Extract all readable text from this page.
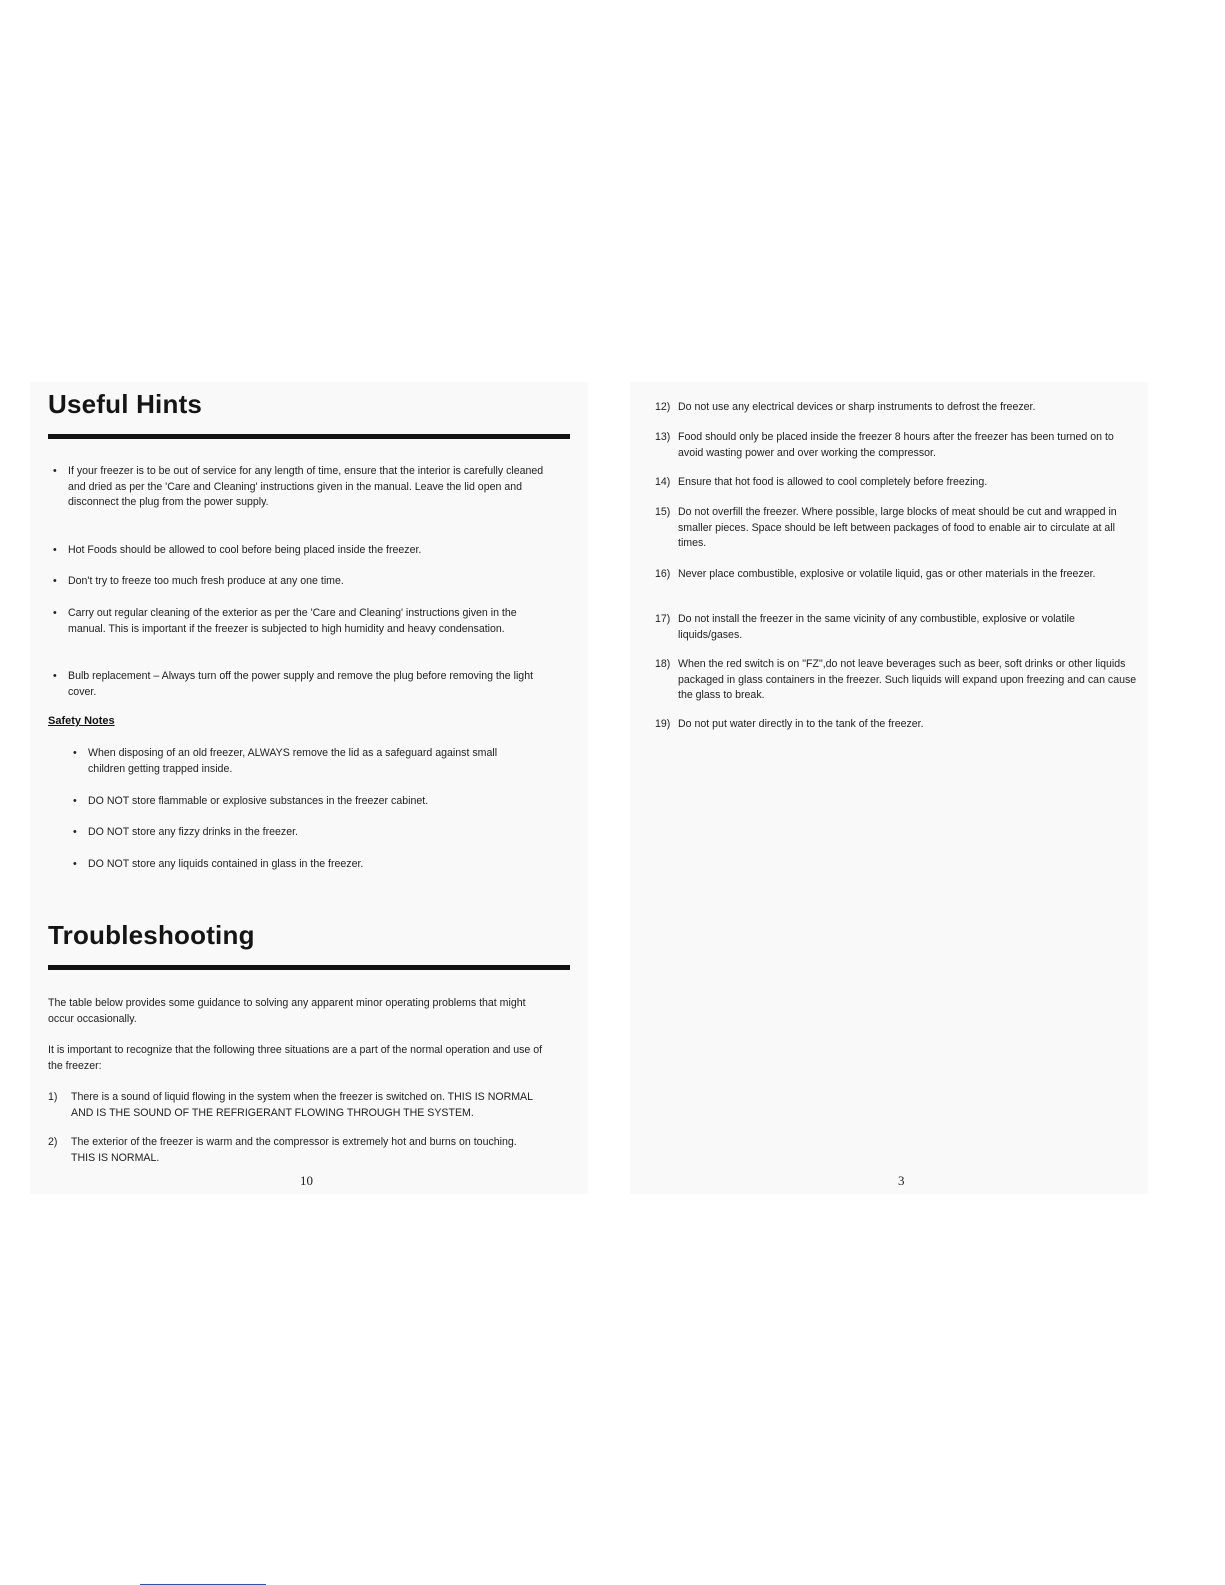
Useful Hints
• If your freezer is to be out of service for any length of time, ensure that the interior is carefully cleaned and dried as per the 'Care and Cleaning' instructions given in the manual. Leave the lid open and disconnect the plug from the power supply.
• Hot Foods should be allowed to cool before being placed inside the freezer.
• Don't try to freeze too much fresh produce at any one time.
• Carry out regular cleaning of the exterior as per the 'Care and Cleaning' instructions given in the manual. This is important if the freezer is subjected to high humidity and heavy condensation.
• Bulb replacement – Always turn off the power supply and remove the plug before removing the light cover.
Safety Notes
• When disposing of an old freezer, ALWAYS remove the lid as a safeguard against small children getting trapped inside.
• DO NOT store flammable or explosive substances in the freezer cabinet.
• DO NOT store any fizzy drinks in the freezer.
• DO NOT store any liquids contained in glass in the freezer.
Troubleshooting
The table below provides some guidance to solving any apparent minor operating problems that might occur occasionally.
It is important to recognize that the following three situations are a part of the normal operation and use of the freezer:
1)	There is a sound of liquid flowing in the system when the freezer is switched on. THIS IS NORMAL AND IS THE SOUND OF THE REFRIGERANT FLOWING THROUGH THE SYSTEM.
2)	The exterior of the freezer is warm and the compressor is extremely hot and burns on touching. THIS IS NORMAL.
10
12) Do not use any electrical devices or sharp instruments to defrost the freezer.
13) Food should only be placed inside the freezer 8 hours after the freezer has been turned on to avoid wasting power and over working the compressor.
14) Ensure that hot food is allowed to cool completely before freezing.
15) Do not overfill the freezer. Where possible, large blocks of meat should be cut and wrapped in smaller pieces. Space should be left between packages of food to enable air to circulate at all times.
16) Never place combustible, explosive or volatile liquid, gas or other materials in the freezer.
17) Do not install the freezer in the same vicinity of any combustible, explosive or volatile liquids/gases.
18) When the red switch is on "FZ",do not leave beverages such as beer, soft drinks or other liquids packaged in glass containers in the freezer. Such liquids will expand upon freezing and can cause the glass to break.
19) Do not put water directly in to the tank of the freezer.
3
